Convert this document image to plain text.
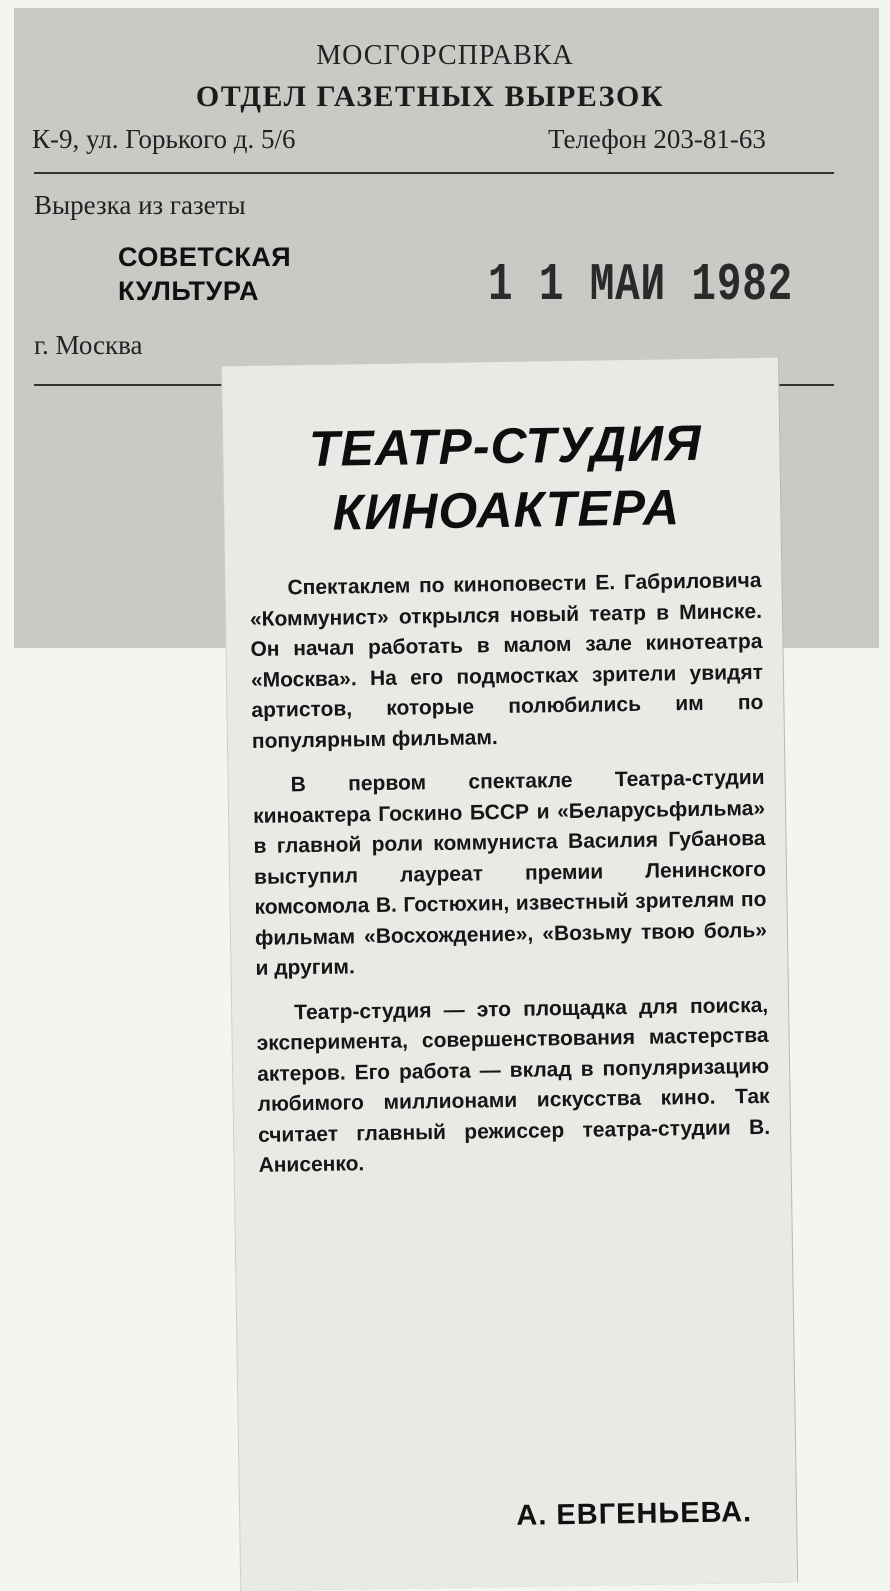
МОСГОРСПРАВКА
ОТДЕЛ ГАЗЕТНЫХ ВЫРЕЗОК
К-9, ул. Горького д. 5/6	Телефон 203-81-63
Вырезка из газеты
СОВЕТСКАЯ
КУЛЬТУРА	1 1 МАИ 1982
г. Москва
ТЕАТР-СТУДИЯ
КИНОАКТЕРА

Спектаклем по киноповести Е. Габриловича «Коммунист» открылся новый театр в Минске. Он начал работать в малом зале кинотеатра «Москва». На его подмостках зрители увидят артистов, которые полюбились им по популярным фильмам.

В первом спектакле Театра-студии киноактера Госкино БССР и «Беларусьфильма» в главной роли коммуниста Василия Губанова выступил лауреат премии Ленинского комсомола В. Гостюхин, известный зрителям по фильмам «Восхождение», «Возьму твою боль» и другим.

Театр-студия — это площадка для поиска, эксперимента, совершенствования мастерства актеров. Его работа — вклад в популяризацию любимого миллионами искусства кино. Так считает главный режиссер театра-студии В. Анисенко.

А. ЕВГЕНЬЕВА.
